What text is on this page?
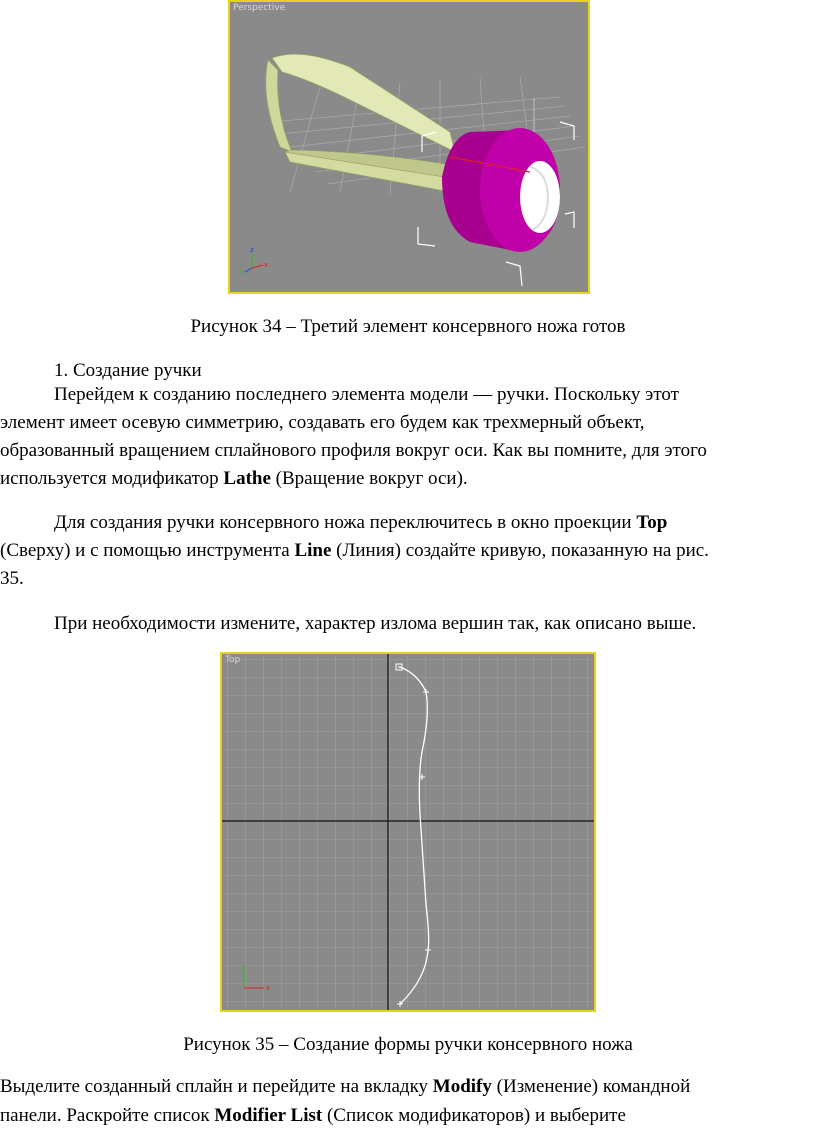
Perspective
z
x
y
Рисунок 34 – Третий элемент консервного ножа готов
1. Создание ручки
Перейдем к созданию последнего элемента модели — ручки. Поскольку этот
элемент имеет осевую симметрию, создавать его будем как трехмерный объект,
образованный вращением сплайнового профиля вокруг оси. Как вы помните, для этого
используется модификатор Lathe (Вращение вокруг оси).
Для создания ручки консервного ножа переключитесь в окно проекции Top
(Сверху) и с помощью инструмента Line (Линия) создайте кривую, показанную на рис.
35.
При необходимости измените, характер излома вершин так, как описано выше.
y
x
Рисунок 35 – Создание формы ручки консервного ножа
Выделите созданный сплайн и перейдите на вкладку Modify (Изменение) командной
панели. Раскройте список Modifier List (Список модификаторов) и выберите
